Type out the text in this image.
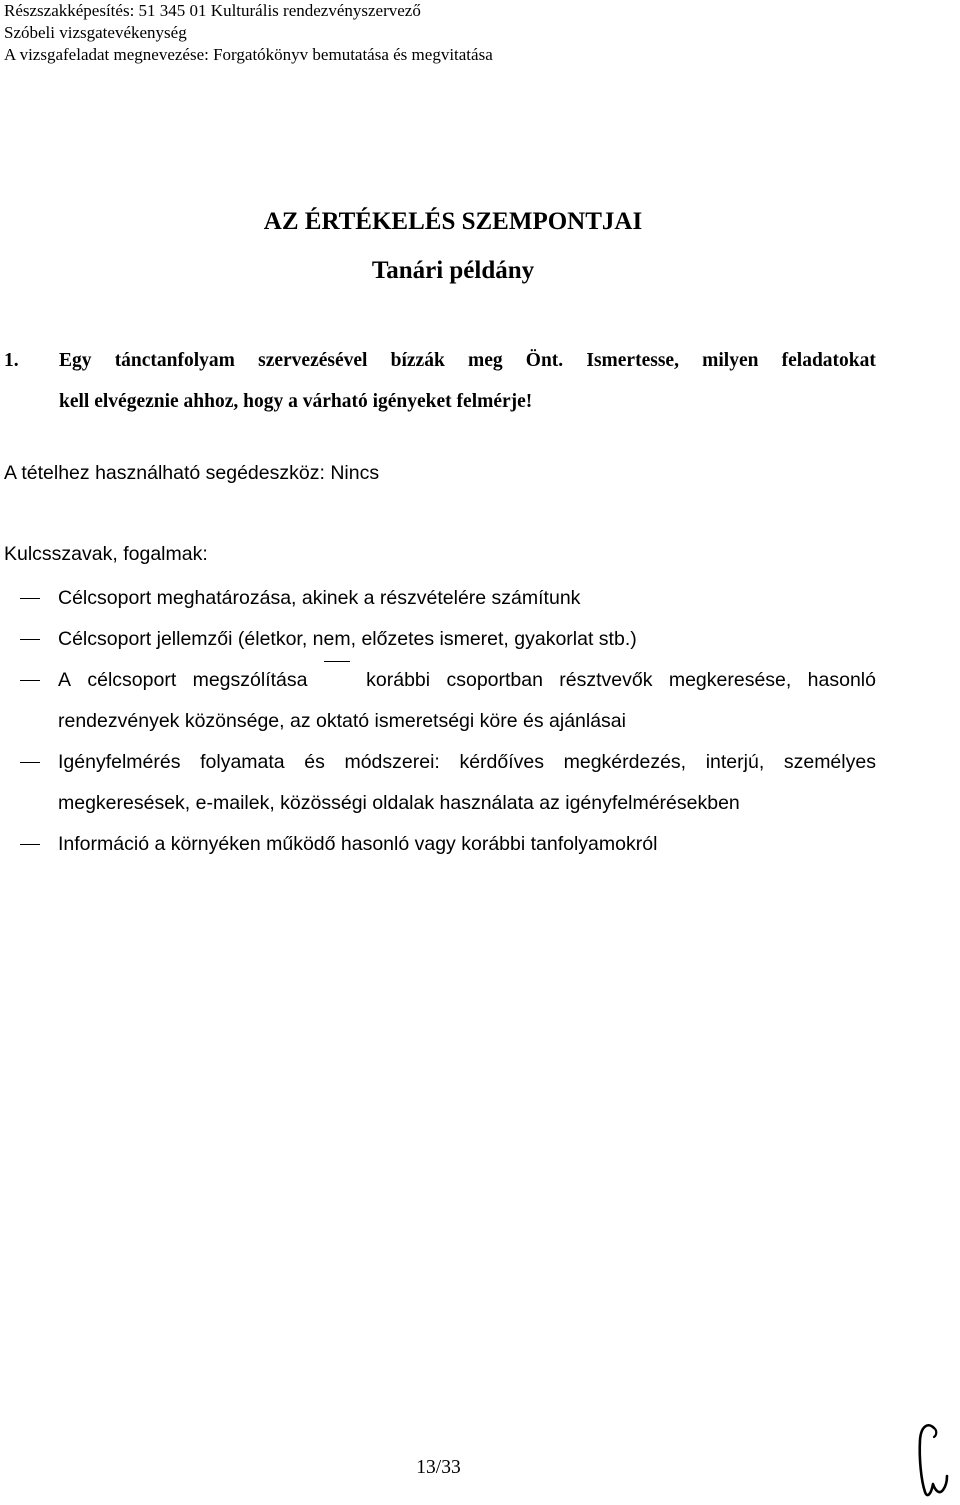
Részszakképesítés: 51 345 01 Kulturális rendezvényszervező
Szóbeli vizsgatevékenység
A vizsgafeladat megnevezése: Forgatókönyv bemutatása és megvitatása
AZ ÉRTÉKELÉS SZEMPONTJAI
Tanári példány
1. Egy tánctanfolyam szervezésével bízzák meg Önt. Ismertesse, milyen feladatokat
kell elvégeznie ahhoz, hogy a várható igényeket felmérje!
A tételhez használható segédeszköz: Nincs
Kulcsszavak, fogalmak:
Célcsoport meghatározása, akinek a részvételére számítunk
Célcsoport jellemzői (életkor, nem, előzetes ismeret, gyakorlat stb.)
A célcsoport megszólítása	korábbi csoportban résztvevők megkeresése, hasonló
rendezvények közönsége, az oktató ismeretségi köre és ajánlásai
Igényfelmérés folyamata és módszerei: kérdőíves megkérdezés, interjú, személyes
megkeresések, e-mailek, közösségi oldalak használata az igényfelmérésekben
Információ a környéken működő hasonló vagy korábbi tanfolyamokról
13/33
